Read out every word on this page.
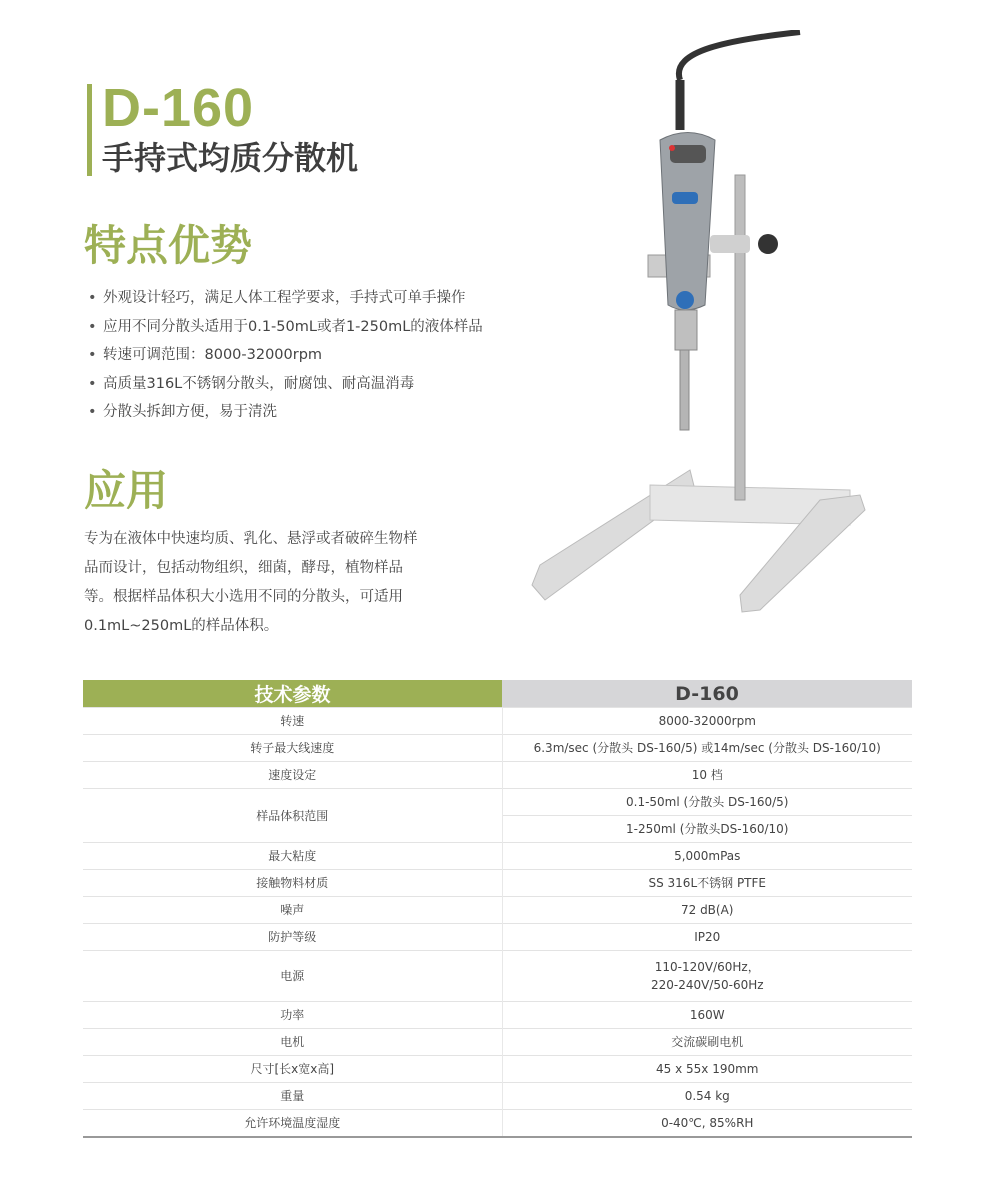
D-160
手持式均质分散机
特点优势
• 外观设计轻巧，满足人体工程学要求，手持式可单手操作
• 应用不同分散头适用于0.1-50mL或者1-250mL的液体样品
• 转速可调范围：8000-32000rpm
• 高质量316L不锈钢分散头，耐腐蚀、耐高温消毒
• 分散头拆卸方便，易于清洗
应用
专为在液体中快速均质、乳化、悬浮或者破碎生物样
品而设计，包括动物组织，细菌，酵母，植物样品
等。根据样品体积大小选用不同的分散头，可适用
0.1mL~250mL的样品体积。
技术参数	D-160
转速	8000-32000rpm
转子最大线速度	6.3m/sec (分散头 DS-160/5) 或14m/sec (分散头 DS-160/10)
速度设定	10 档
样品体积范围	0.1-50ml (分散头 DS-160/5)
	1-250ml (分散头DS-160/10)
最大粘度	5,000mPas
接触物料材质	SS 316L不锈钢 PTFE
噪声	72 dB(A)
防护等级	IP20
电源	110-120V/60Hz，
220-240V/50-60Hz

功率	160W
电机	交流碳刷电机
尺寸[长x宽x高]	45 x 55x 190mm
重量	0.54 kg
允许环境温度湿度	0-40℃, 85%RH
